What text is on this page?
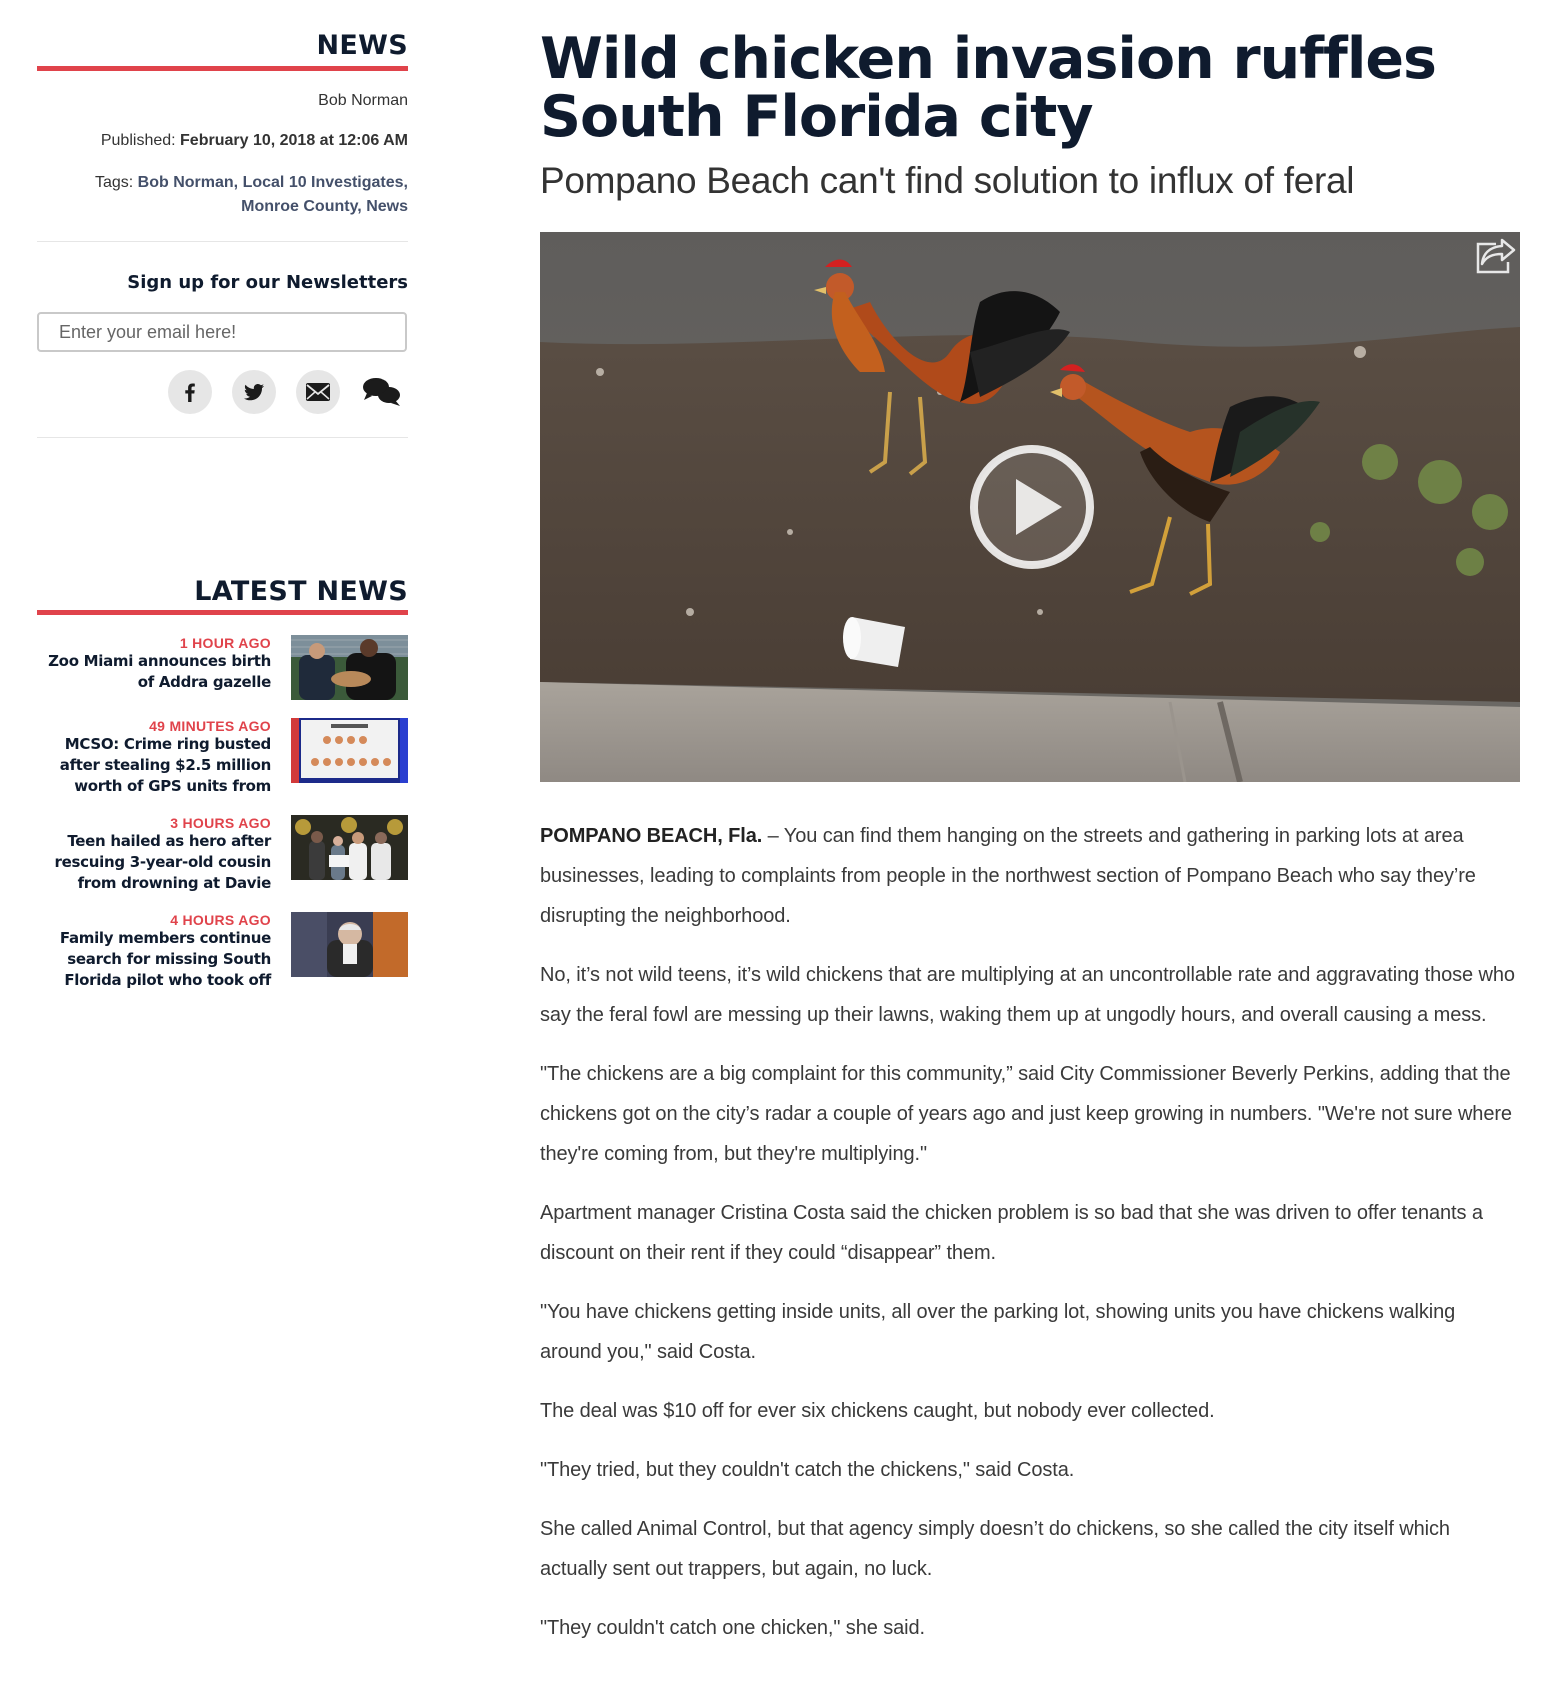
NEWS
Bob Norman
Published: February 10, 2018 at 12:06 AM
Tags: Bob Norman, Local 10 Investigates,
Monroe County, News
Sign up for our Newsletters
Enter your email here!
LATEST NEWS
1 HOUR AGO
Zoo Miami announces birth of Addra gazelle
49 MINUTES AGO
MCSO: Crime ring busted after stealing $2.5 million worth of GPS units from
3 HOURS AGO
Teen hailed as hero after rescuing 3-year-old cousin from drowning at Davie
4 HOURS AGO
Family members continue search for missing South Florida pilot who took off
Wild chicken invasion ruffles South Florida city
Pompano Beach can't find solution to influx of feral

POMPANO BEACH, Fla. – You can find them hanging on the streets and gathering in parking lots at area businesses, leading to complaints from people in the northwest section of Pompano Beach who say they’re disrupting the neighborhood.

No, it’s not wild teens, it’s wild chickens that are multiplying at an uncontrollable rate and aggravating those who say the feral fowl are messing up their lawns, waking them up at ungodly hours, and overall causing a mess.

"The chickens are a big complaint for this community,” said City Commissioner Beverly Perkins, adding that the chickens got on the city’s radar a couple of years ago and just keep growing in numbers. "We're not sure where they're coming from, but they're multiplying."

Apartment manager Cristina Costa said the chicken problem is so bad that she was driven to offer tenants a discount on their rent if they could “disappear” them.

"You have chickens getting inside units, all over the parking lot, showing units you have chickens walking around you," said Costa.

The deal was $10 off for ever six chickens caught, but nobody ever collected.

"They tried, but they couldn't catch the chickens," said Costa.

She called Animal Control, but that agency simply doesn’t do chickens, so she called the city itself which actually sent out trappers, but again, no luck.

"They couldn't catch one chicken," she said.
